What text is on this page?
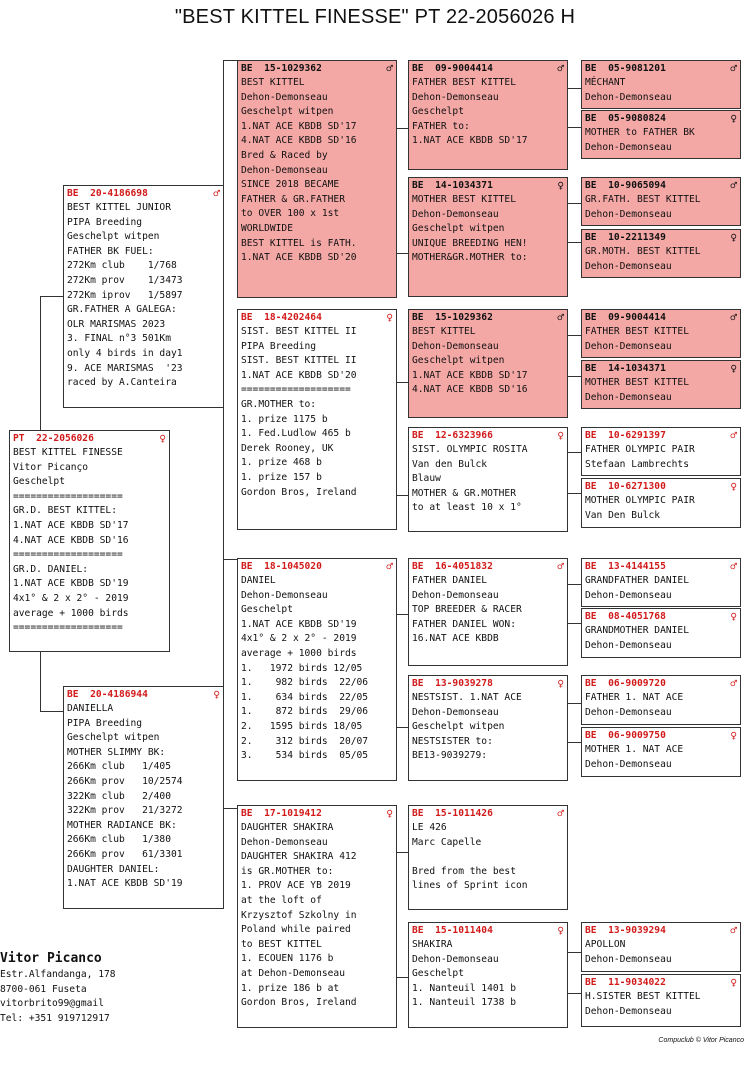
"BEST KITTEL FINESSE" PT 22-2056026 H
PT  22-2056026	♀
BEST KITTEL FINESSE
Vitor Picanço
Geschelpt
===================
GR.D. BEST KITTEL:
1.NAT ACE KBDB SD'17
4.NAT ACE KBDB SD'16
===================
GR.D. DANIEL:
1.NAT ACE KBDB SD'19
4x1° & 2 x 2° - 2019
average + 1000 birds
===================
BE  20-4186698	♂
BEST KITTEL JUNIOR
PIPA Breeding
Geschelpt witpen
FATHER BK FUEL:
272Km club    1/768
272Km prov    1/3473
272Km iprov   1/5897
GR.FATHER A GALEGA:
OLR MARISMAS 2023
3. FINAL n°3 501Km
only 4 birds in day1
9. ACE MARISMAS  '23
raced by A.Canteira
BE  20-4186944	♀
DANIELLA
PIPA Breeding
Geschelpt witpen
MOTHER SLIMMY BK:
266Km club   1/405
266Km prov   10/2574
322Km club   2/400
322Km prov   21/3272
MOTHER RADIANCE BK:
266Km club   1/380
266Km prov   61/3301
DAUGHTER DANIEL:
1.NAT ACE KBDB SD'19
BE  15-1029362	♂
BEST KITTEL
Dehon-Demonseau
Geschelpt witpen
1.NAT ACE KBDB SD'17
4.NAT ACE KBDB SD'16
Bred & Raced by
Dehon-Demonseau
SINCE 2018 BECAME
FATHER & GR.FATHER
to OVER 100 x 1st
WORLDWIDE
BEST KITTEL is FATH.
1.NAT ACE KBDB SD'20
BE  18-4202464	♀
SIST. BEST KITTEL II
PIPA Breeding
SIST. BEST KITTEL II
1.NAT ACE KBDB SD'20
===================
GR.MOTHER to:
1. prize 1175 b
1. Fed.Ludlow 465 b
Derek Rooney, UK
1. prize 468 b
1. prize 157 b
Gordon Bros, Ireland
BE  18-1045020	♂
DANIEL
Dehon-Demonseau
Geschelpt
1.NAT ACE KBDB SD'19
4x1° & 2 x 2° - 2019
average + 1000 birds
1.   1972 birds 12/05
1.    982 birds  22/06
1.    634 birds  22/05
1.    872 birds  29/06
2.   1595 birds 18/05
2.    312 birds  20/07
3.    534 birds  05/05
BE  17-1019412	♀
DAUGHTER SHAKIRA
Dehon-Demonseau
DAUGHTER SHAKIRA 412
is GR.MOTHER to:
1. PROV ACE YB 2019
at the loft of
Krzysztof Szkolny in
Poland while paired
to BEST KITTEL
1. ECOUEN 1176 b
at Dehon-Demonseau
1. prize 186 b at
Gordon Bros, Ireland
BE  09-9004414	♂
FATHER BEST KITTEL
Dehon-Demonseau
Geschelpt
FATHER to:
1.NAT ACE KBDB SD'17
BE  14-1034371	♀
MOTHER BEST KITTEL
Dehon-Demonseau
Geschelpt witpen
UNIQUE BREEDING HEN!
MOTHER&GR.MOTHER to:
BE  15-1029362	♂
BEST KITTEL
Dehon-Demonseau
Geschelpt witpen
1.NAT ACE KBDB SD'17
4.NAT ACE KBDB SD'16
BE  12-6323966	♀
SIST. OLYMPIC ROSITA
Van den Bulck
Blauw
MOTHER & GR.MOTHER
to at least 10 x 1°
BE  16-4051832	♂
FATHER DANIEL
Dehon-Demonseau
TOP BREEDER & RACER
FATHER DANIEL WON:
16.NAT ACE KBDB
BE  13-9039278	♀
NESTSIST. 1.NAT ACE
Dehon-Demonseau
Geschelpt witpen
NESTSISTER to:
BE13-9039279:
BE  15-1011426	♂
LE 426
Marc Capelle

Bred from the best
lines of Sprint icon
BE  15-1011404	♀
SHAKIRA
Dehon-Demonseau
Geschelpt
1. Nanteuil 1401 b
1. Nanteuil 1738 b
BE  05-9081201	♂
MÉCHANT
Dehon-Demonseau
BE  05-9080824	♀
MOTHER to FATHER BK
Dehon-Demonseau
BE  10-9065094	♂
GR.FATH. BEST KITTEL
Dehon-Demonseau
BE  10-2211349	♀
GR.MOTH. BEST KITTEL
Dehon-Demonseau
BE  09-9004414	♂
FATHER BEST KITTEL
Dehon-Demonseau
BE  14-1034371	♀
MOTHER BEST KITTEL
Dehon-Demonseau
BE  10-6291397	♂
FATHER OLYMPIC PAIR
Stefaan Lambrechts
BE  10-6271300	♀
MOTHER OLYMPIC PAIR
Van Den Bulck
BE  13-4144155	♂
GRANDFATHER DANIEL
Dehon-Demonseau
BE  08-4051768	♀
GRANDMOTHER DANIEL
Dehon-Demonseau
BE  06-9009720	♂
FATHER 1. NAT ACE
Dehon-Demonseau
BE  06-9009750	♀
MOTHER 1. NAT ACE
Dehon-Demonseau
BE  13-9039294	♂
APOLLON
Dehon-Demonseau
BE  11-9034022	♀
H.SISTER BEST KITTEL
Dehon-Demonseau
Vitor Picanco
Estr.Alfandanga, 178
8700-061 Fuseta
vitorbrito99@gmail
Tel: +351 919712917
Compuclub © Vitor Picanco
